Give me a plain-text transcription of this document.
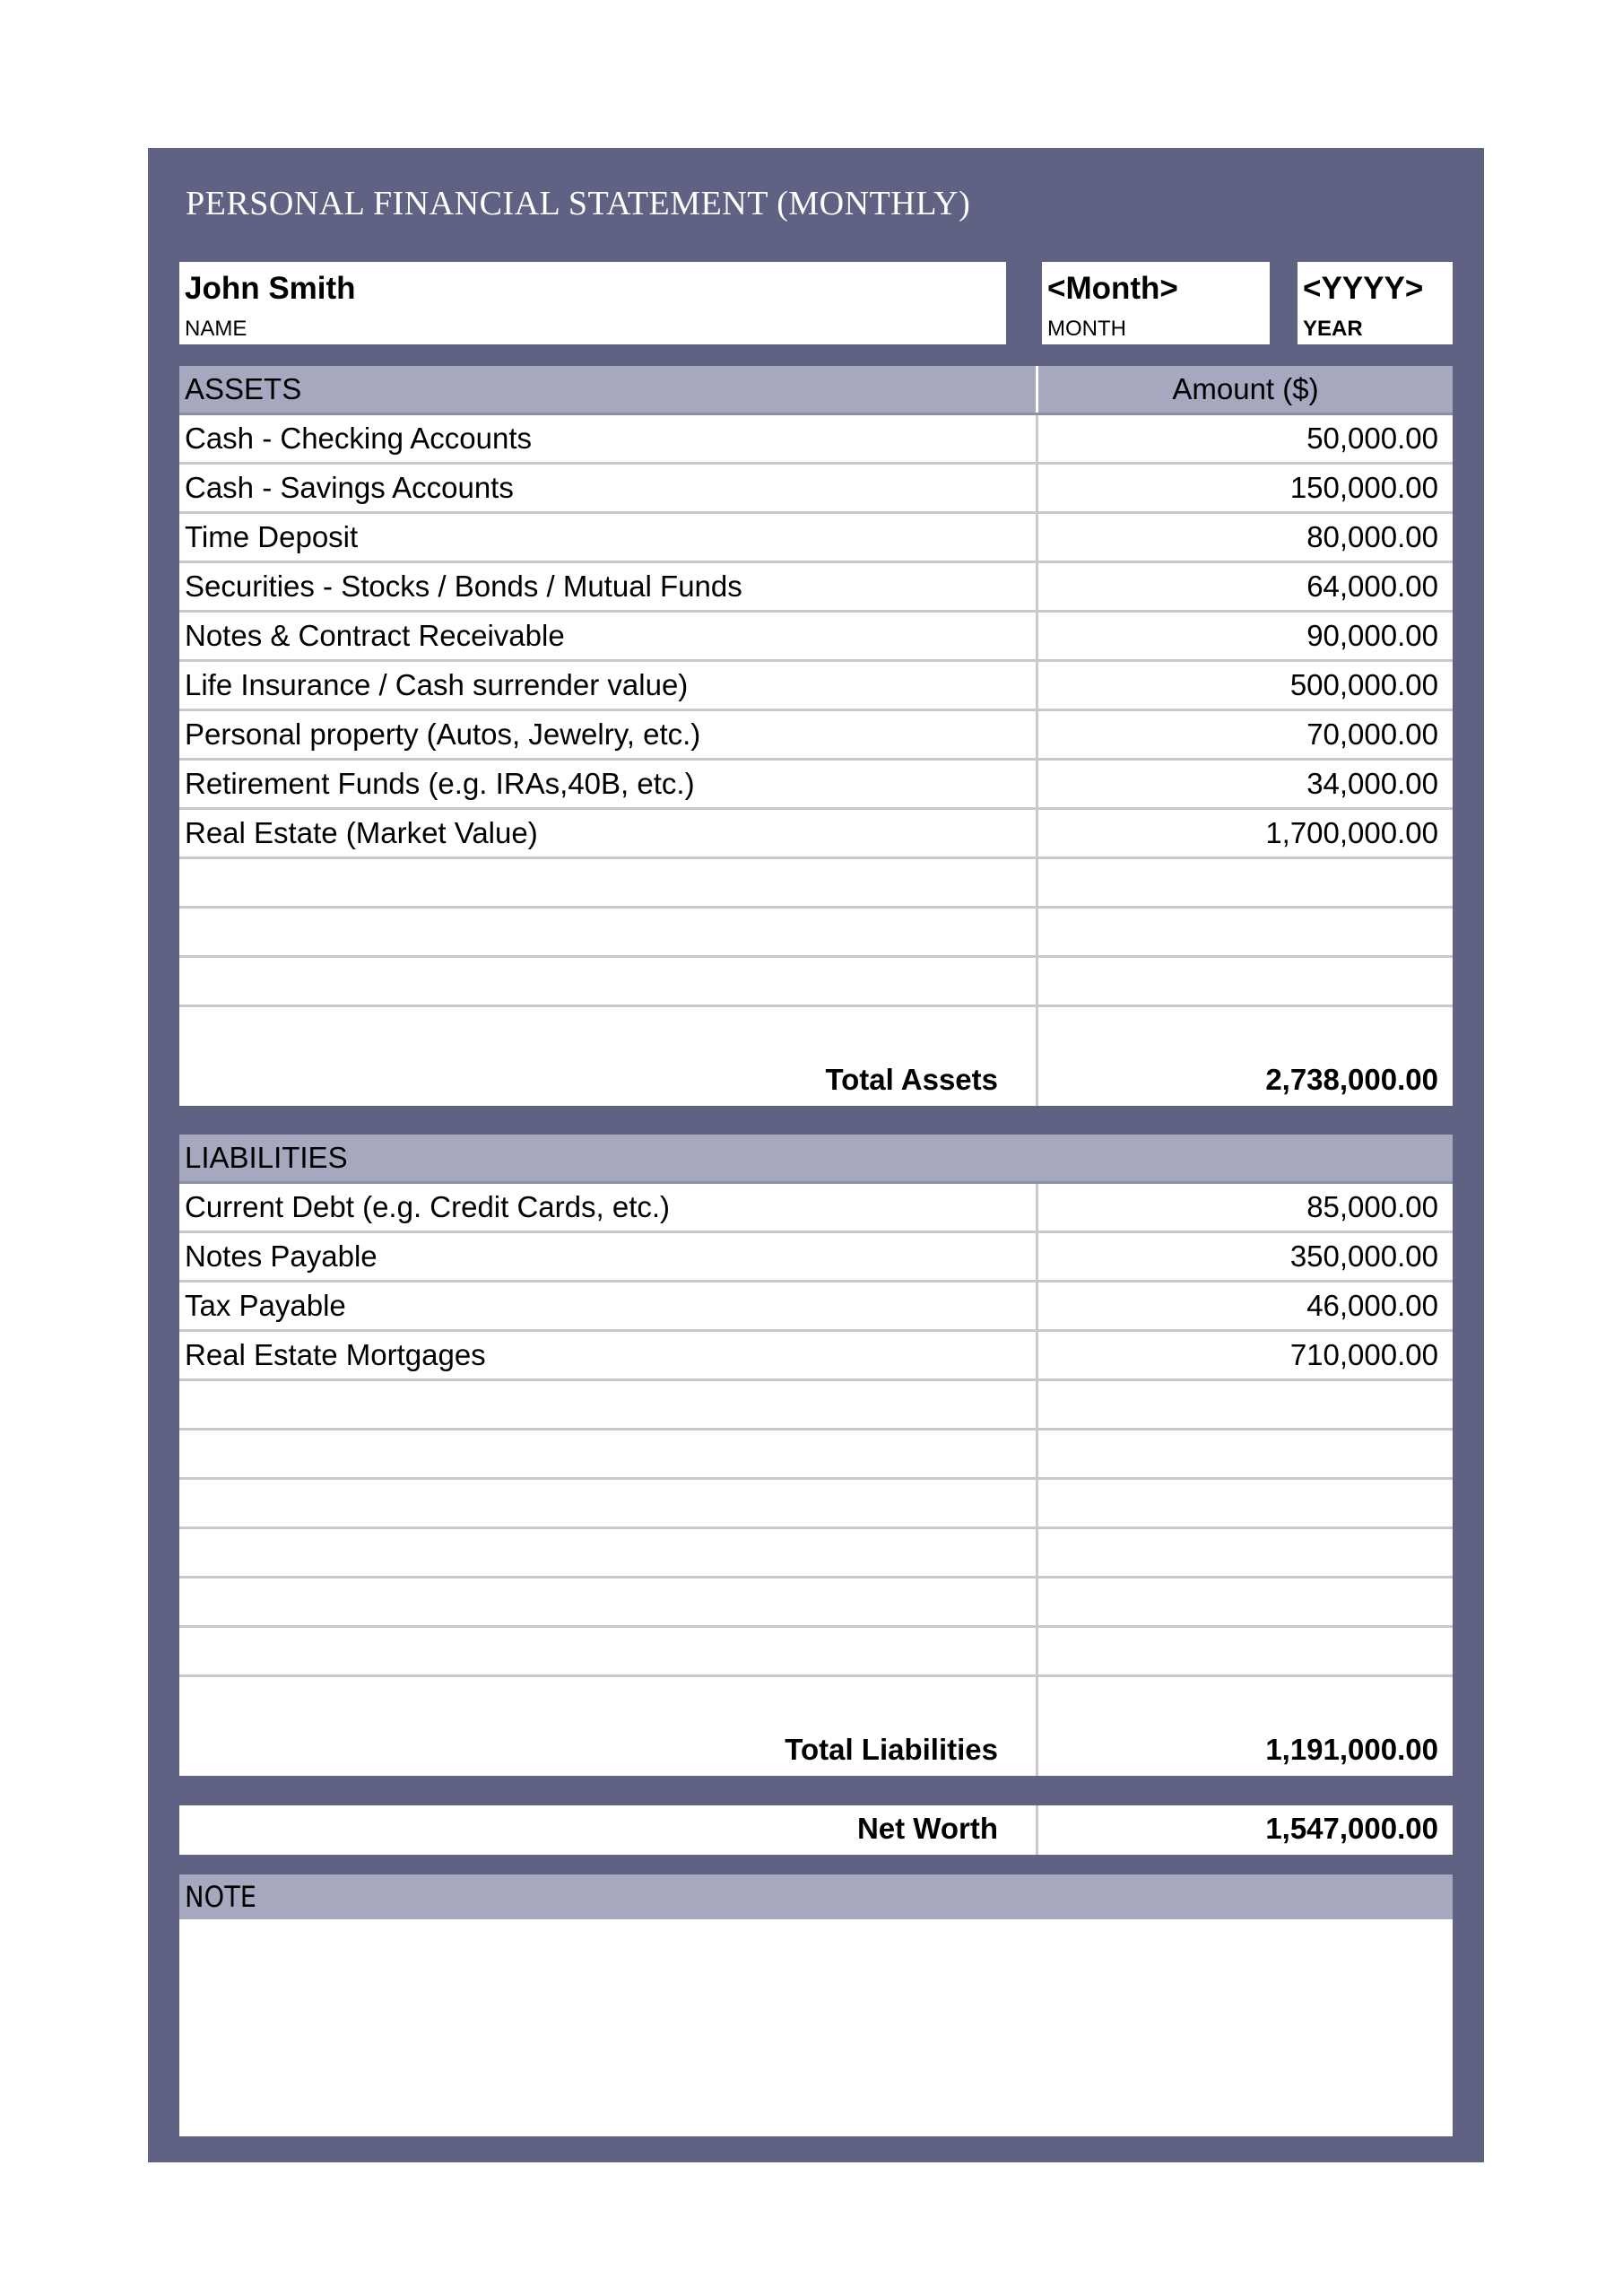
PERSONAL FINANCIAL STATEMENT (MONTHLY)
John Smith
NAME
<Month>
MONTH
<YYYY>
YEAR
ASSETS	Amount ($)
Cash - Checking Accounts	50,000.00
Cash - Savings Accounts	150,000.00
Time Deposit	80,000.00
Securities - Stocks / Bonds / Mutual Funds	64,000.00
Notes & Contract Receivable	90,000.00
Life Insurance / Cash surrender value)	500,000.00
Personal property (Autos, Jewelry, etc.)	70,000.00
Retirement Funds (e.g. IRAs,40B, etc.)	34,000.00
Real Estate (Market Value)	1,700,000.00
Total Assets	2,738,000.00
LIABILITIES
Current Debt (e.g. Credit Cards, etc.)	85,000.00
Notes Payable	350,000.00
Tax Payable	46,000.00
Real Estate Mortgages	710,000.00
Total Liabilities	1,191,000.00
Net Worth	1,547,000.00
NOTE
